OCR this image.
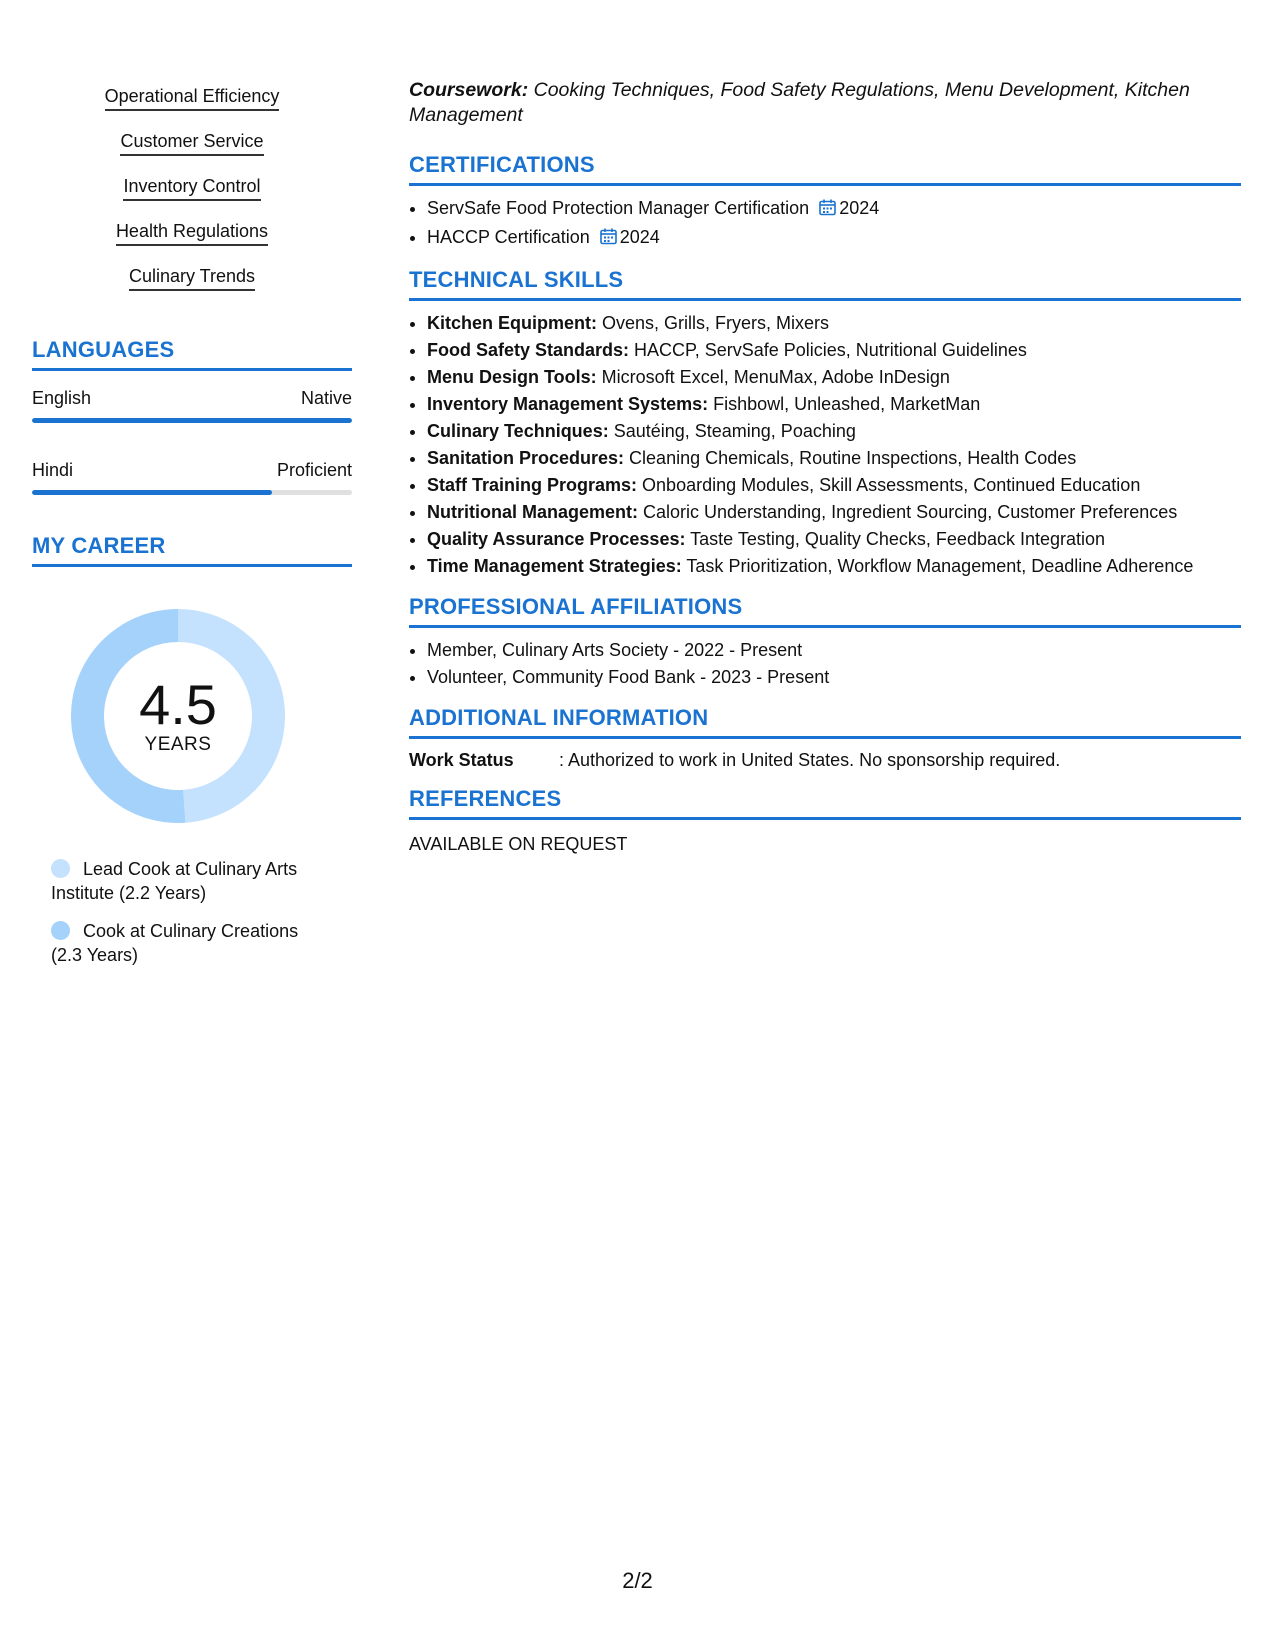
Operational Efficiency
Customer Service
Inventory Control
Health Regulations
Culinary Trends
LANGUAGES
English	Native
Hindi	Proficient
MY CAREER
4.5
YEARS
Lead Cook at Culinary Arts Institute (2.2 Years)
Cook at Culinary Creations (2.3 Years)

Coursework: Cooking Techniques, Food Safety Regulations, Menu Development, Kitchen Management

CERTIFICATIONS
• ServSafe Food Protection Manager Certification 2024
• HACCP Certification 2024
TECHNICAL SKILLS
• Kitchen Equipment: Ovens, Grills, Fryers, Mixers
• Food Safety Standards: HACCP, ServSafe Policies, Nutritional Guidelines
• Menu Design Tools: Microsoft Excel, MenuMax, Adobe InDesign
• Inventory Management Systems: Fishbowl, Unleashed, MarketMan
• Culinary Techniques: Sautéing, Steaming, Poaching
• Sanitation Procedures: Cleaning Chemicals, Routine Inspections, Health Codes
• Staff Training Programs: Onboarding Modules, Skill Assessments, Continued Education
• Nutritional Management: Caloric Understanding, Ingredient Sourcing, Customer Preferences
• Quality Assurance Processes: Taste Testing, Quality Checks, Feedback Integration
• Time Management Strategies: Task Prioritization, Workflow Management, Deadline Adherence
PROFESSIONAL AFFILIATIONS
• Member, Culinary Arts Society - 2022 - Present
• Volunteer, Community Food Bank - 2023 - Present
ADDITIONAL INFORMATION
Work Status	: Authorized to work in United States. No sponsorship required.
REFERENCES
AVAILABLE ON REQUEST
2/2
